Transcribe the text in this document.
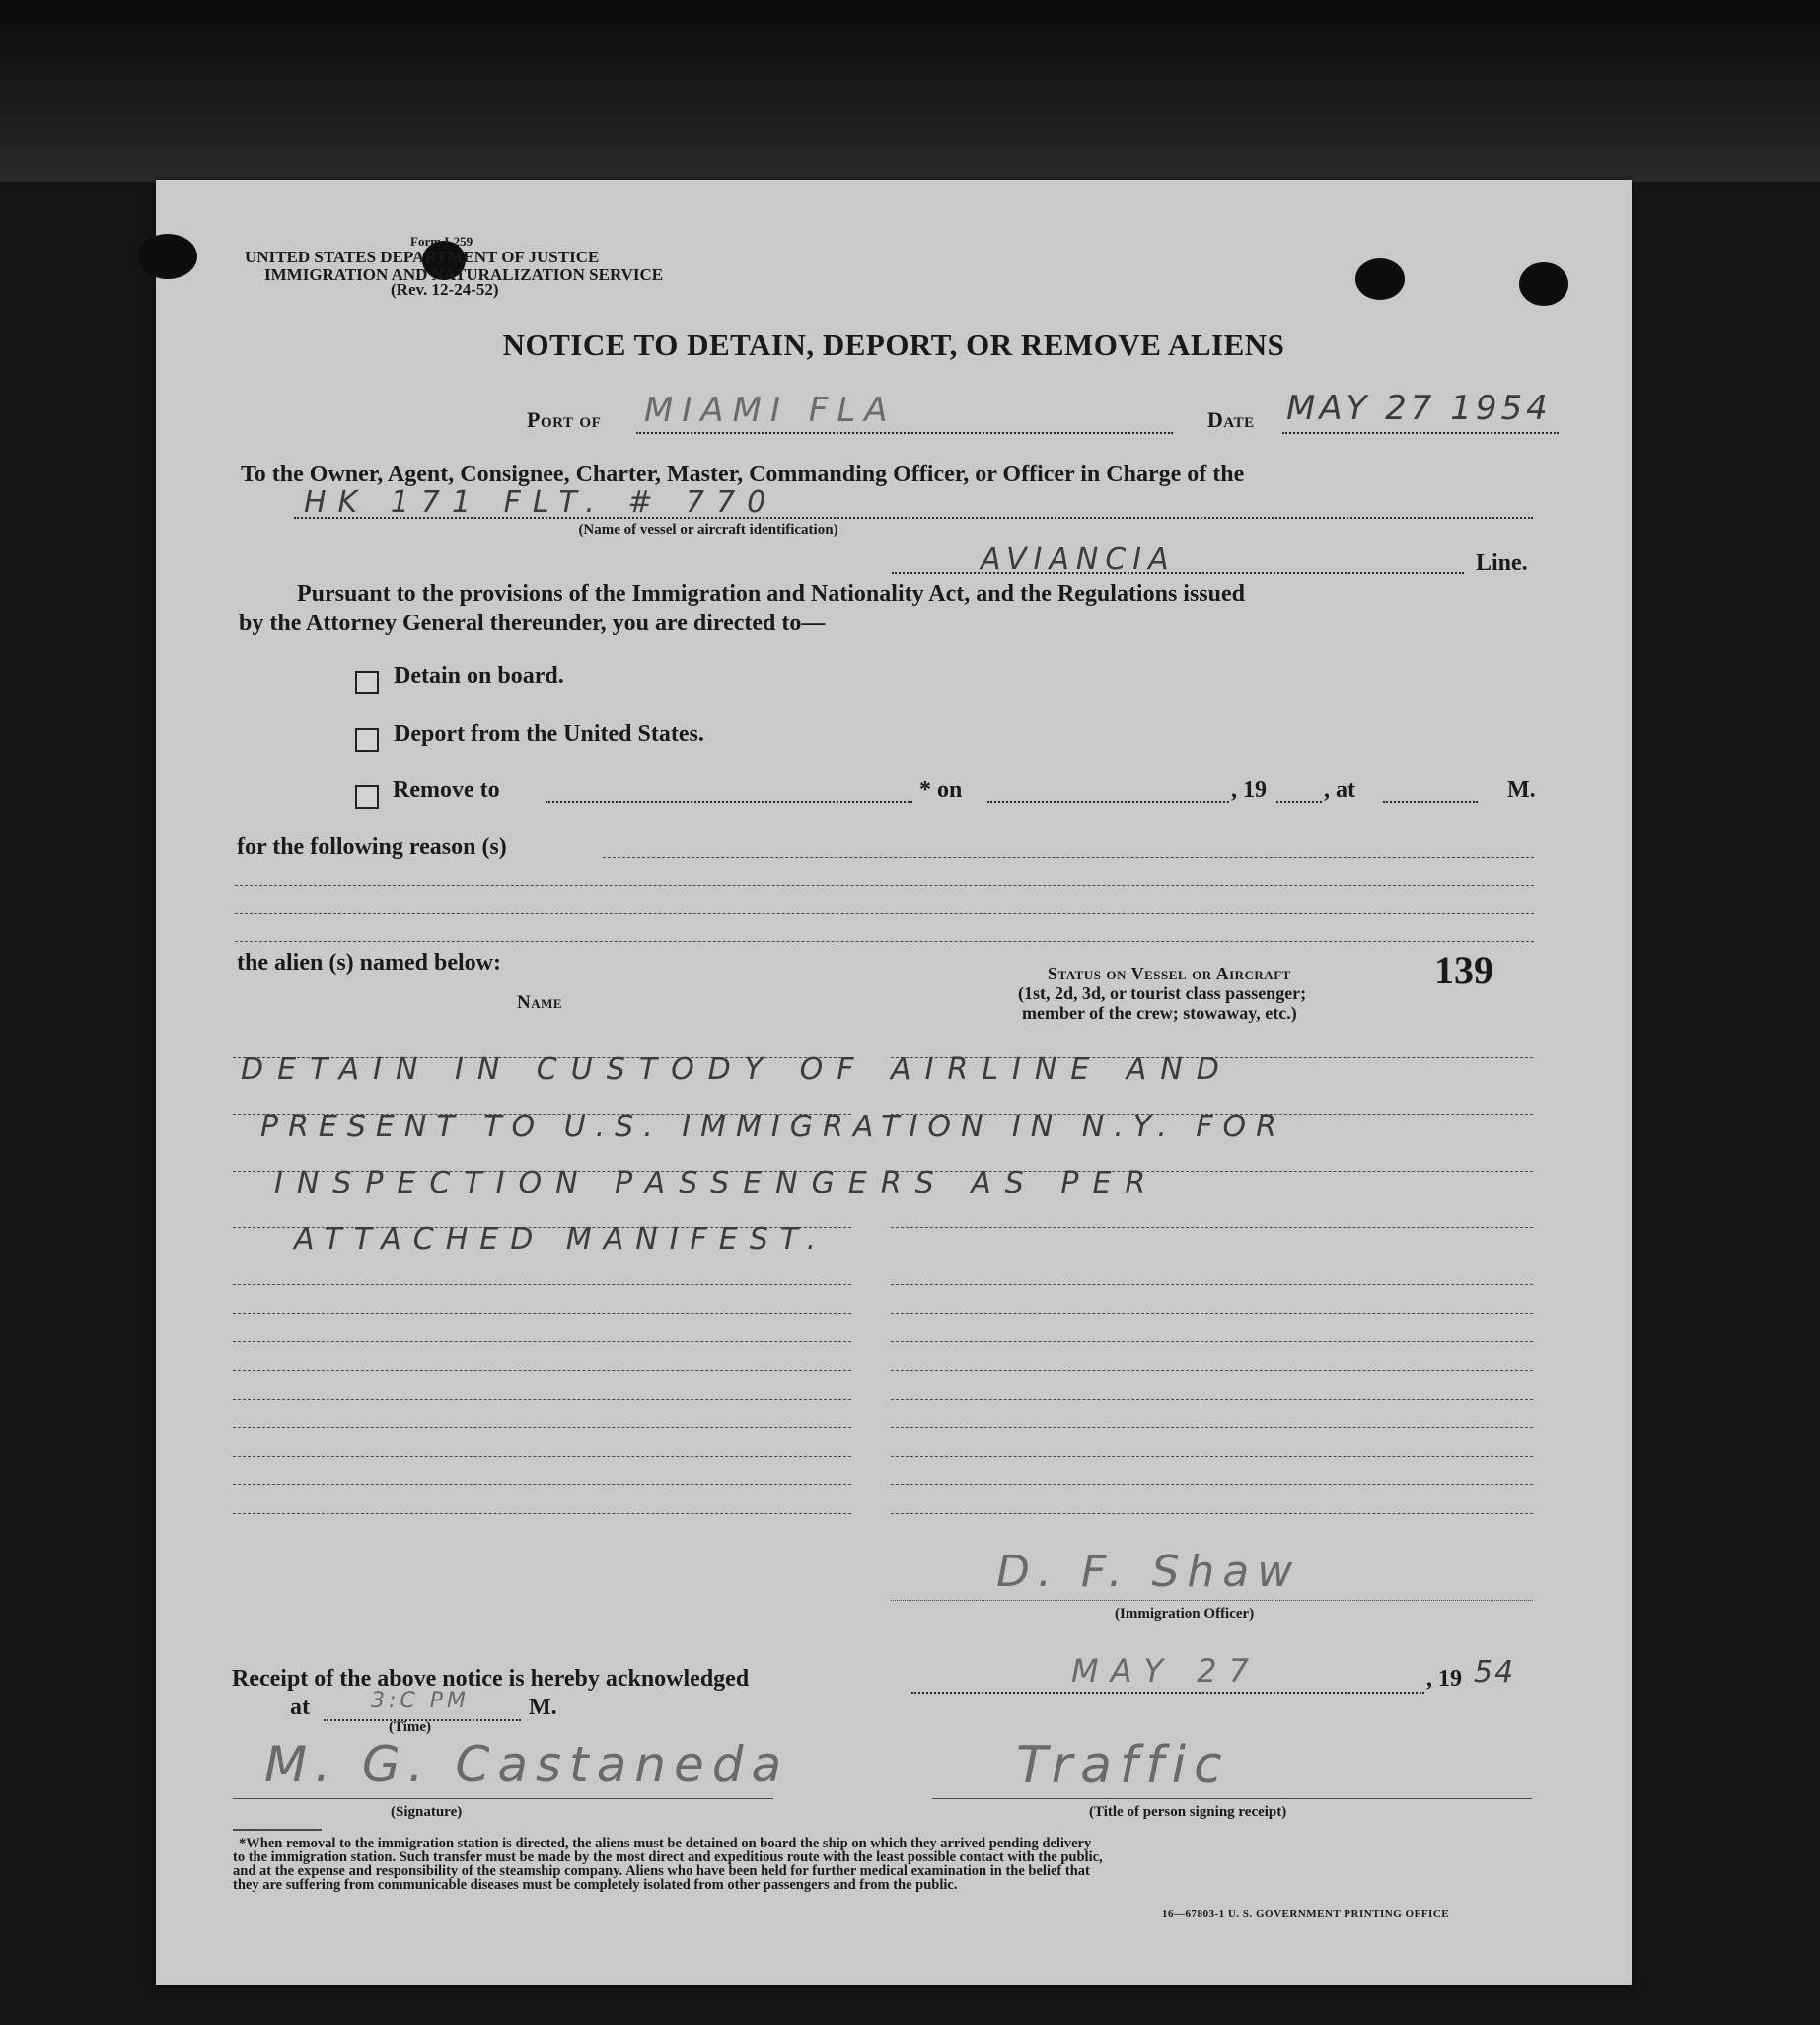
Form I-259
UNITED STATES DEPARTMENT OF JUSTICE
IMMIGRATION AND NATURALIZATION SERVICE
(Rev. 12-24-52)
NOTICE TO DETAIN, DEPORT, OR REMOVE ALIENS
Port of MIAMI FLA	Date MAY 27 1954
To the Owner, Agent, Consignee, Charter, Master, Commanding Officer, or Officer in Charge of the
HK 171 FLT. # 770
(Name of vessel or aircraft identification)
AVIANCIA	Line.
Pursuant to the provisions of the Immigration and Nationality Act, and the Regulations issued
by the Attorney General thereunder, you are directed to—
Detain on board.
Deport from the United States.
Remove to	* on	, 19 , at	M.
for the following reason (s)
the alien (s) named below:
Name
Status on Vessel or Aircraft
(1st, 2d, 3d, or tourist class passenger;
member of the crew; stowaway, etc.)
139
DETAIN IN CUSTODY OF AIRLINE AND
PRESENT TO U.S. IMMIGRATION IN N.Y. FOR
INSPECTION PASSENGERS AS PER
ATTACHED MANIFEST.
D. F. Shaw
(Immigration Officer)
Receipt of the above notice is hereby acknowledged	MAY 27	, 19 54
at	3:C PM
(Time)
M.
M. G. Castaneda
(Signature)
Traffic
(Title of person signing receipt)
*When removal to the immigration station is directed, the aliens must be detained on board the ship on which they arrived pending delivery
to the immigration station. Such transfer must be made by the most direct and expeditious route with the least possible contact with the public,
and at the expense and responsibility of the steamship company. Aliens who have been held for further medical examination in the belief that
they are suffering from communicable diseases must be completely isolated from other passengers and from the public.
16—67803-1 U. S. GOVERNMENT PRINTING OFFICE
